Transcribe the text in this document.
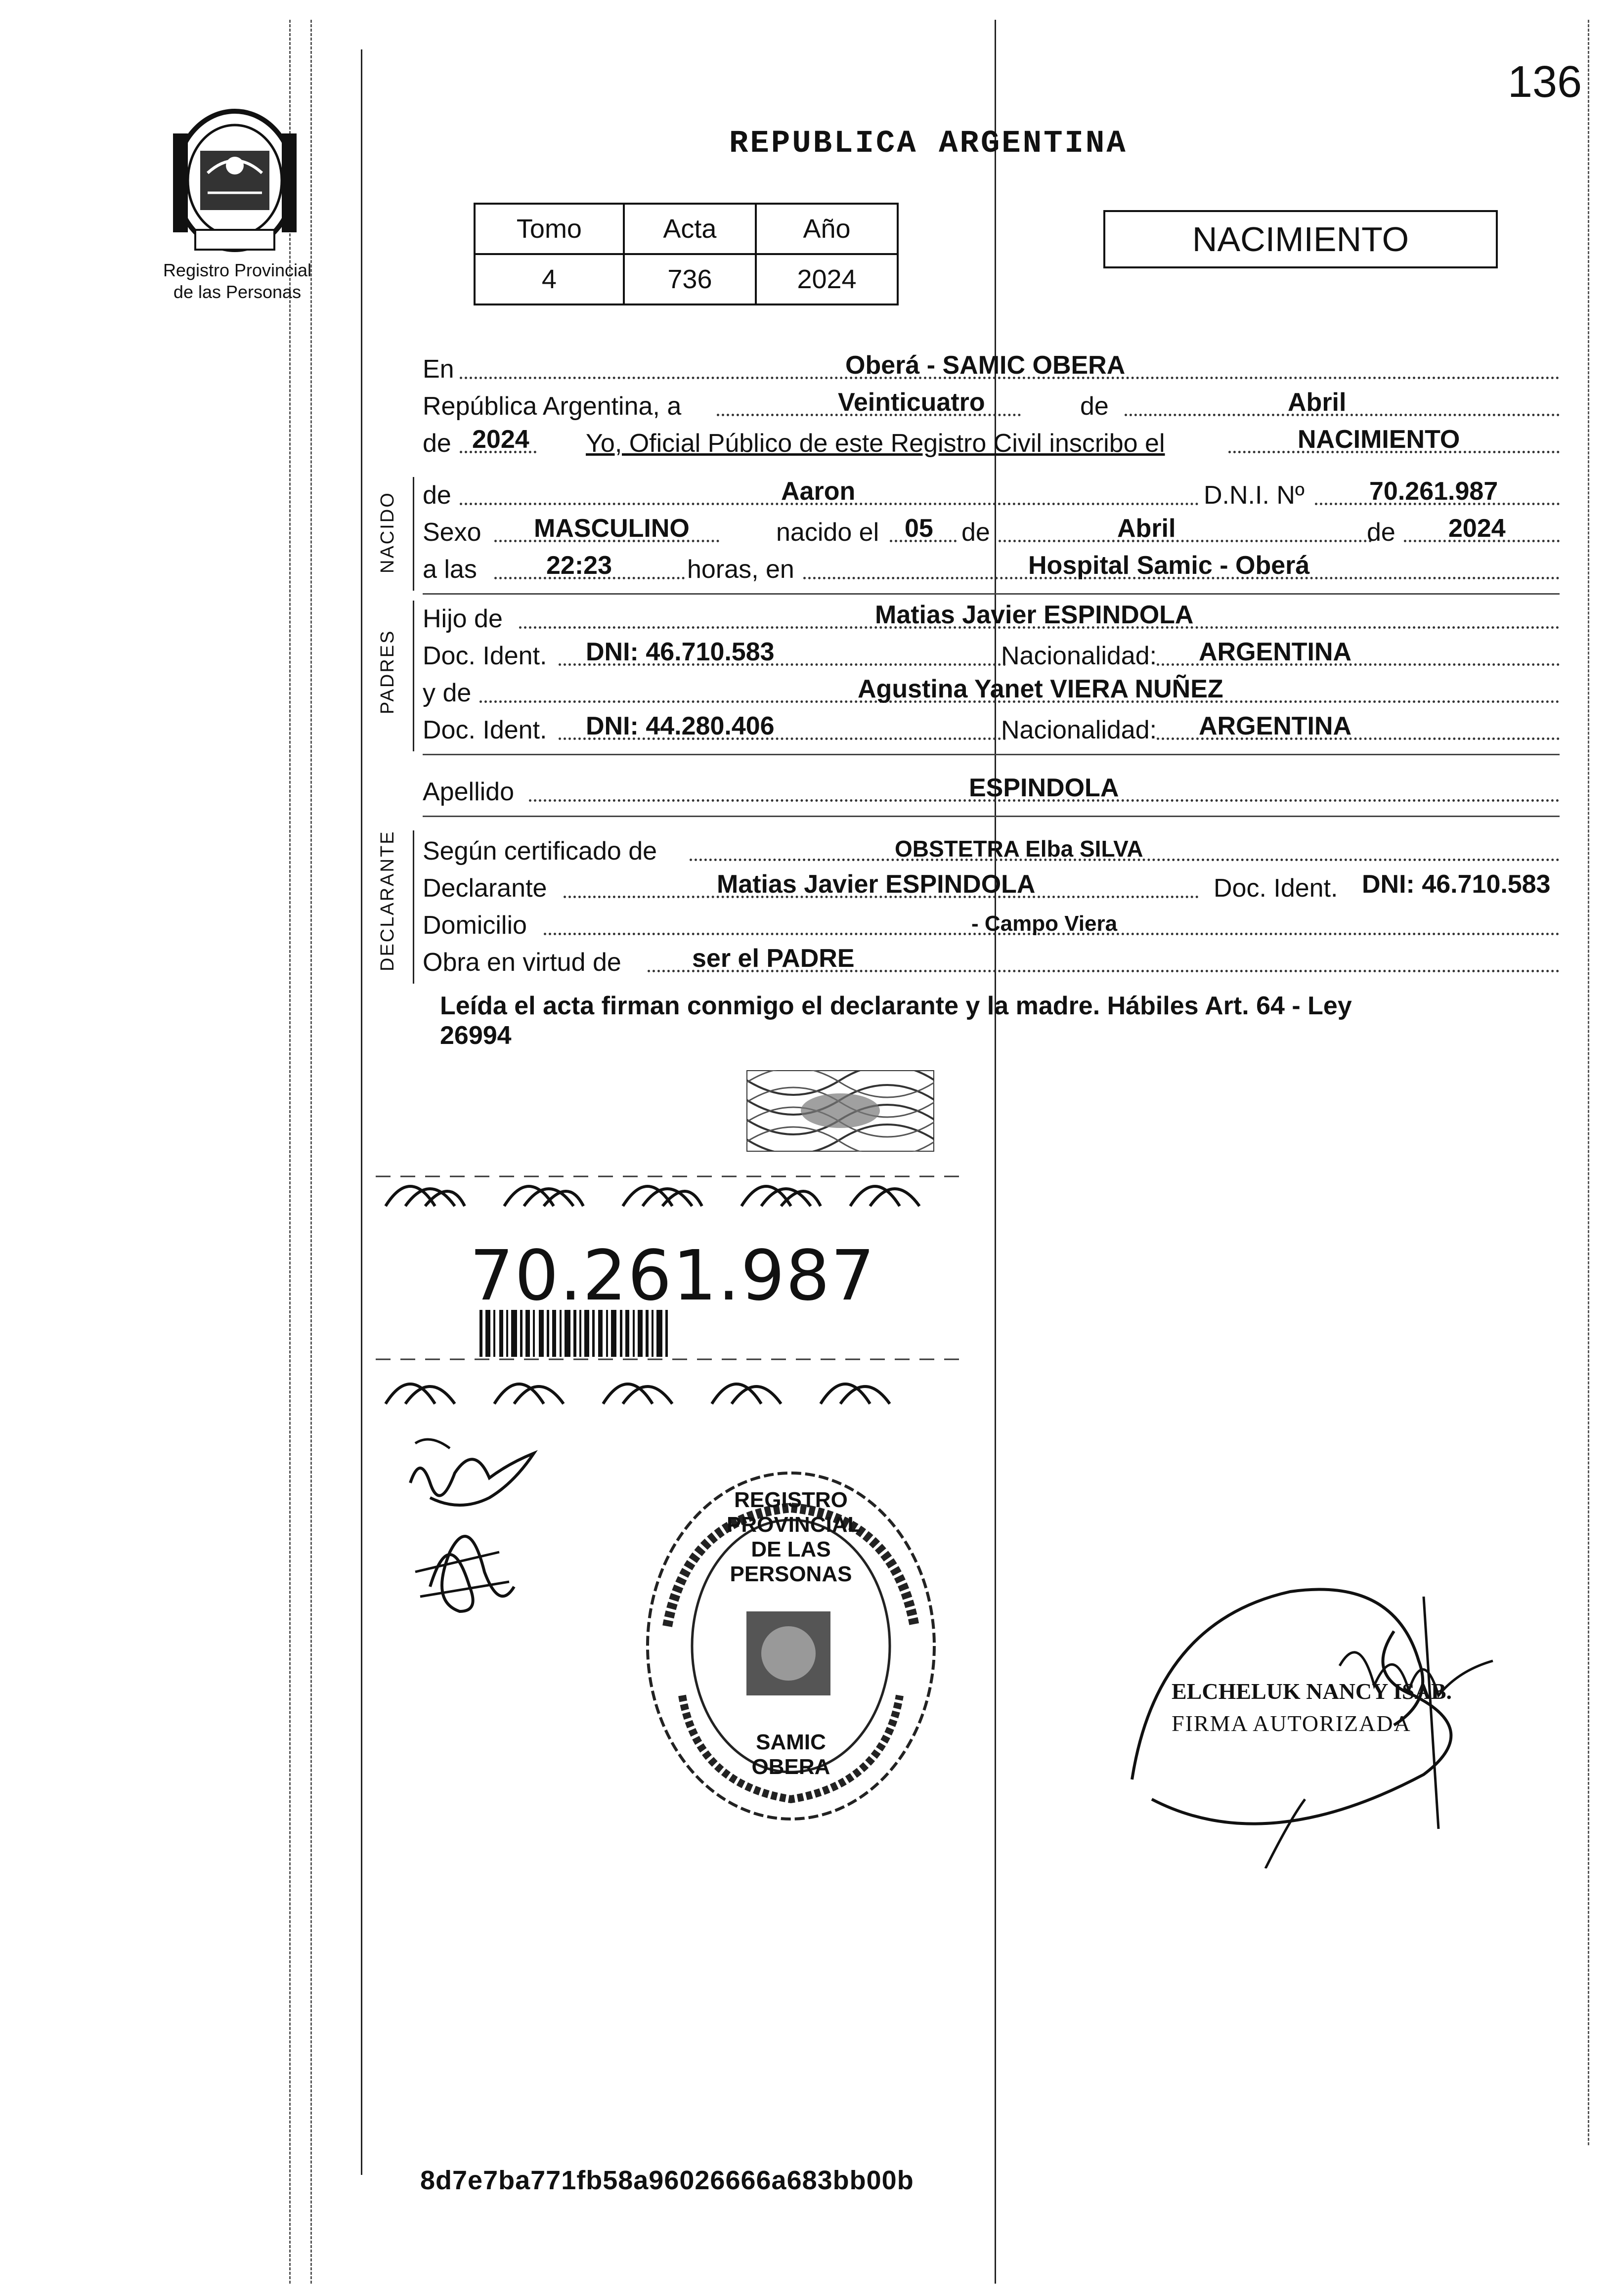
136
Registro Provincial
de las Personas
REPUBLICA ARGENTINA
Tomo	Acta	Año
4	736	2024
NACIMIENTO
En	Oberá - SAMIC OBERA
República Argentina, a	Veinticuatro	de	Abril
de 2024 Yo, Oficial Público de este Registro Civil inscribo el	NACIMIENTO
NACIDO de	Aaron	D.N.I. Nº	70.261.987
Sexo MASCULINO	nacido el 05 de	Abril	de 2024
a las	22:23	horas, en	Hospital Samic - Oberá
PADRES
Hijo de	Matias Javier ESPINDOLA
Doc. Ident. DNI: 46.710.583	Nacionalidad: ARGENTINA
y de	Agustina Yanet VIERA NUÑEZ
Doc. Ident. DNI: 44.280.406	Nacionalidad: ARGENTINA
Apellido	ESPINDOLA
DECLARANTE Según certificado de	OBSTETRA Elba SILVA
Declarante	Matias Javier ESPINDOLA	Doc. Ident. DNI: 46.710.583
Domicilio	- Campo Viera
Obra en virtud de	ser el PADRE
Leída el acta firman conmigo el declarante y la madre. Hábiles Art. 64 - Ley
26994
70.261.987
REGISTRO PROVINCIAL DE LAS PERSONAS
SAMIC OBERA
ELCHELUK NANCY ISAB.
FIRMA AUTORIZADA
8d7e7ba771fb58a96026666a683bb00b
